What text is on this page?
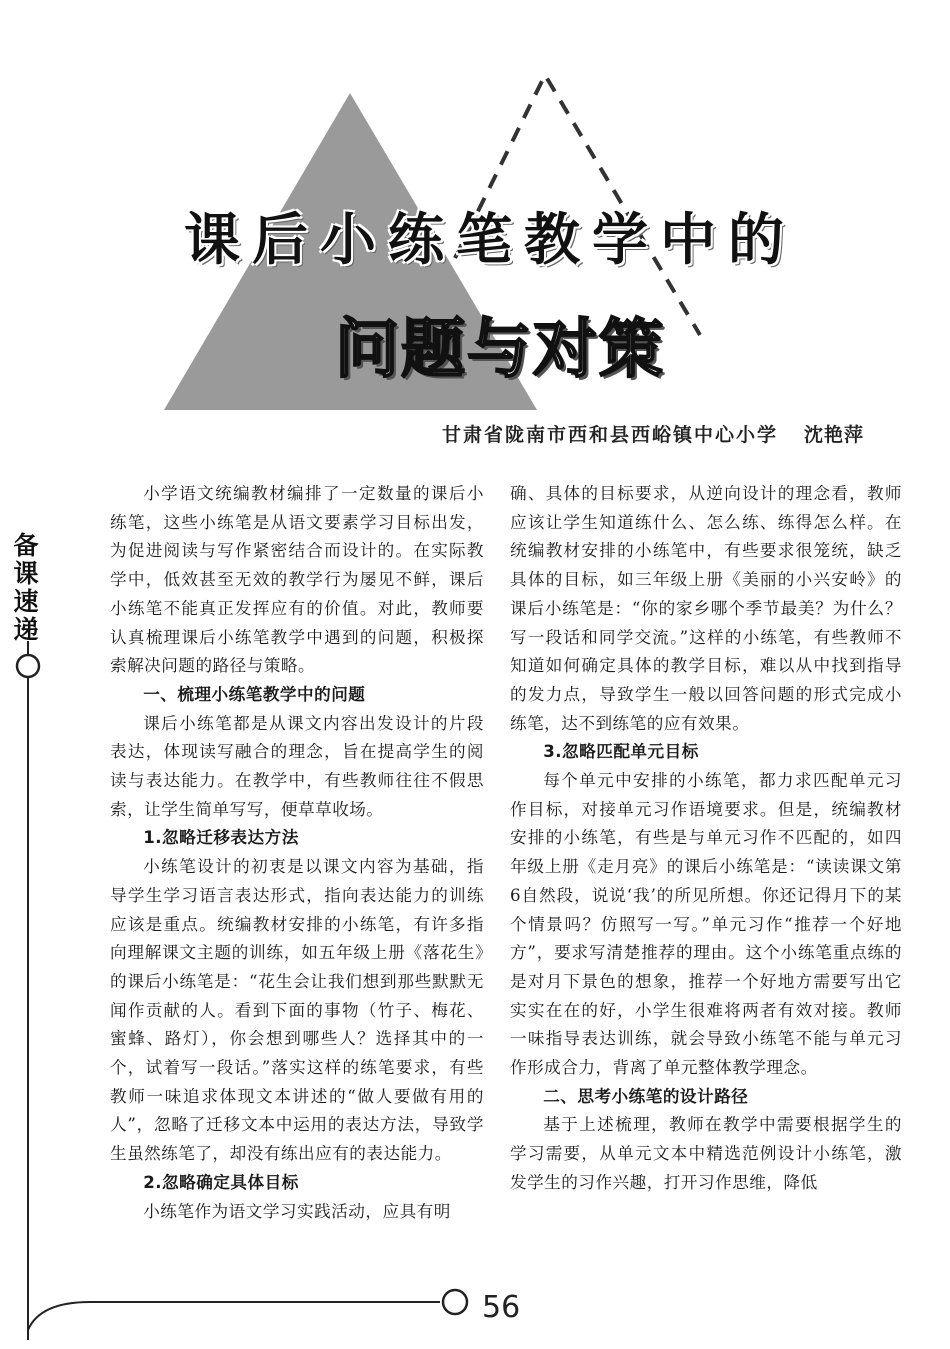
课后小练笔教学中的
问题与对策
甘肃省陇南市西和县西峪镇中心小学 沈艳萍
备
课
速
递

小学语文统编教材编排了一定数量的课后小练笔，这些小练笔是从语文要素学习目标出发，为促进阅读与写作紧密结合而设计的。在实际教学中，低效甚至无效的教学行为屡见不鲜，课后小练笔不能真正发挥应有的价值。对此，教师要认真梳理课后小练笔教学中遇到的问题，积极探索解决问题的路径与策略。

一、梳理小练笔教学中的问题

课后小练笔都是从课文内容出发设计的片段表达，体现读写融合的理念，旨在提高学生的阅读与表达能力。在教学中，有些教师往往不假思索，让学生简单写写，便草草收场。

1.忽略迁移表达方法

小练笔设计的初衷是以课文内容为基础，指导学生学习语言表达形式，指向表达能力的训练应该是重点。统编教材安排的小练笔，有许多指向理解课文主题的训练，如五年级上册《落花生》的课后小练笔是：“花生会让我们想到那些默默无闻作贡献的人。看到下面的事物（竹子、梅花、蜜蜂、路灯），你会想到哪些人？选择其中的一个，试着写一段话。”落实这样的练笔要求，有些教师一味追求体现文本讲述的“做人要做有用的人”，忽略了迁移文本中运用的表达方法，导致学生虽然练笔了，却没有练出应有的表达能力。

2.忽略确定具体目标

小练笔作为语文学习实践活动，应具有明

确、具体的目标要求，从逆向设计的理念看，教师应该让学生知道练什么、怎么练、练得怎么样。在统编教材安排的小练笔中，有些要求很笼统，缺乏具体的目标，如三年级上册《美丽的小兴安岭》的课后小练笔是：“你的家乡哪个季节最美？为什么？写一段话和同学交流。”这样的小练笔，有些教师不知道如何确定具体的教学目标，难以从中找到指导的发力点，导致学生一般以回答问题的形式完成小练笔，达不到练笔的应有效果。

3.忽略匹配单元目标

每个单元中安排的小练笔，都力求匹配单元习作目标，对接单元习作语境要求。但是，统编教材安排的小练笔，有些是与单元习作不匹配的，如四年级上册《走月亮》的课后小练笔是：“读读课文第6自然段，说说‘我’的所见所想。你还记得月下的某个情景吗？仿照写一写。”单元习作“推荐一个好地方”，要求写清楚推荐的理由。这个小练笔重点练的是对月下景色的想象，推荐一个好地方需要写出它实实在在的好，小学生很难将两者有效对接。教师一味指导表达训练，就会导致小练笔不能与单元习作形成合力，背离了单元整体教学理念。

二、思考小练笔的设计路径

基于上述梳理，教师在教学中需要根据学生的学习需要，从单元文本中精选范例设计小练笔，激发学生的习作兴趣，打开习作思维，降低

56
